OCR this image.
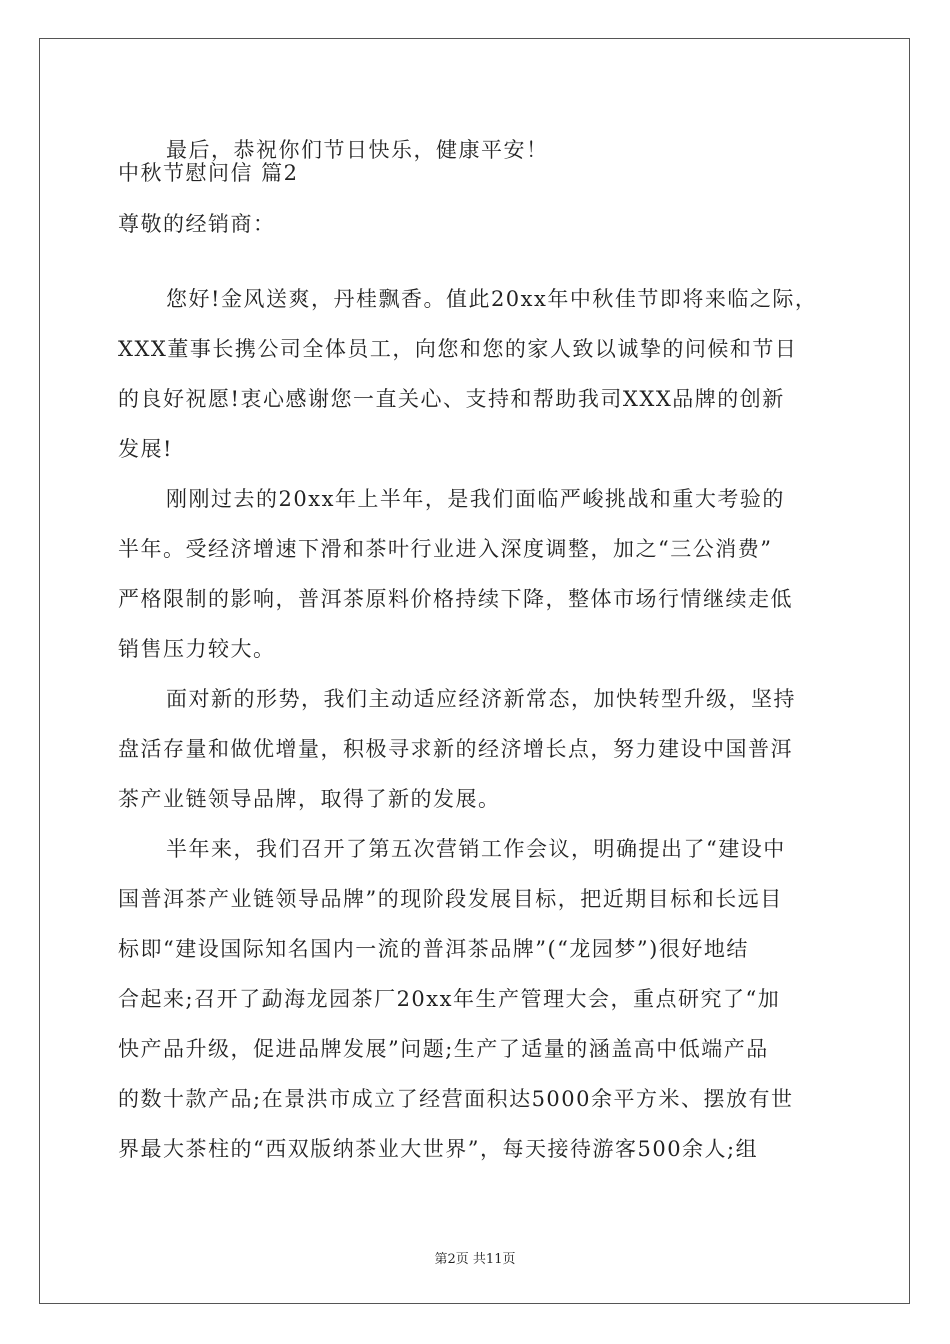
最后，恭祝你们节日快乐，健康平安！
中秋节慰问信 篇2
尊敬的经销商：
您好!金风送爽，丹桂飘香。值此20xx年中秋佳节即将来临之际，
XXX董事长携公司全体员工，向您和您的家人致以诚挚的问候和节日
的良好祝愿!衷心感谢您一直关心、支持和帮助我司XXX品牌的创新
发展!
刚刚过去的20xx年上半年，是我们面临严峻挑战和重大考验的
半年。受经济增速下滑和茶叶行业进入深度调整，加之“三公消费”
严格限制的影响，普洱茶原料价格持续下降，整体市场行情继续走低
销售压力较大。
面对新的形势，我们主动适应经济新常态，加快转型升级，坚持
盘活存量和做优增量，积极寻求新的经济增长点，努力建设中国普洱
茶产业链领导品牌，取得了新的发展。
半年来，我们召开了第五次营销工作会议，明确提出了“建设中
国普洱茶产业链领导品牌”的现阶段发展目标，把近期目标和长远目
标即“建设国际知名国内一流的普洱茶品牌”(“龙园梦”)很好地结
合起来;召开了勐海龙园茶厂20xx年生产管理大会，重点研究了“加
快产品升级，促进品牌发展”问题;生产了适量的涵盖高中低端产品
的数十款产品;在景洪市成立了经营面积达5000余平方米、摆放有世
界最大茶柱的“西双版纳茶业大世界”，每天接待游客500余人;组
第2页 共11页
